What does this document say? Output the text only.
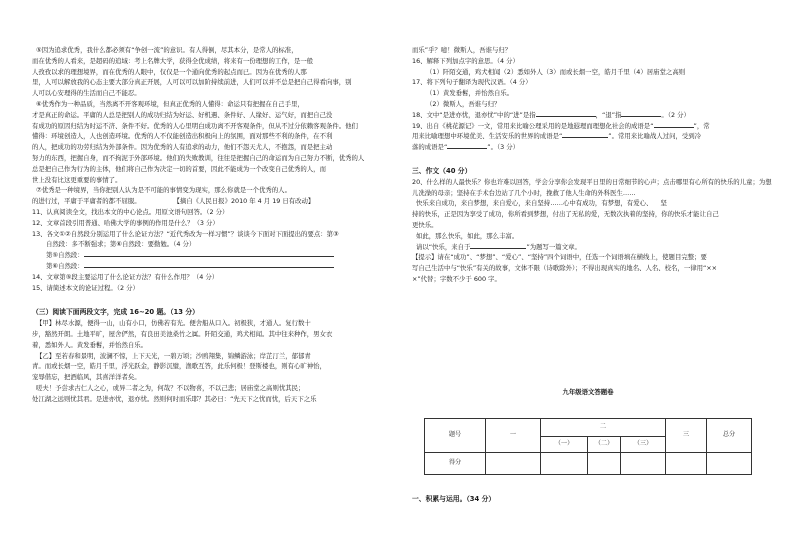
⑤因为追求优秀，我什么都必须有“争创一流”的意识。有人得倒，尽其本分，是常人的标准，

而在优秀的人看来，是超码的追域：考上名牌大学，获得全优成绩，将来有一份理想的工作，是一般

人孜孜以求的理想境界，而在优秀的人眼中，仅仅是一个通向优秀的起点而已。因为在优秀的人那

里，人可以解放我的心态主要大部分真正开展，人可以可以加阶持续前进，人们可以并不总是把自己得看向事，别

人可以心安理得的生活而自己不能忍。

⑥优秀作为一种品质，当然离不开客观环境，但真正优秀的人懂得：命运只有把握在自己手里，

才是真正的命运。平庸的人总是把别人的成功归结为好运、好机遇、条件好、人缘好、运气好，而把自己没

有成功的原因归结为时运不济、条件不好。优秀的人心里明白成功离不开客观条件，但从不过分依赖客观条件。他们

懂得：环境创造人，人也创造环境。优秀的人不仅能创造出积极向上的氛围，面对那些不利的条件，在不利

的人，把成功的功劳归结为外部条件。因为优秀的人有追求的动力，他们不怨天尤人，不抱怨，而是把主动

努力的东西，把握自身，而不拘泥于外部环境。他们的失败教训，往往是把握自己的命运而为自己努力不断，优秀的人

总是把自己作为行为的主体，他们将自己作为决定一切的首要，因此不能成为一个改变自己优秀的人，而

世上没有比这更重要的事情了。

⑦优秀是一种境界，当你把别人认为是不可能的事情变为现实，那么你就是一个优秀的人。

的进行过，平庸于平庸者的都不屈服。	【摘自《人民日报》2010 年 4 月 19 日有改动】

11、认真阅读全文，找出本文的中心论点。用原文语句回答。（2 分）

12、文章首段引用普通、哈佛大学的事例的作用是什么？（3 分）

13、各文①②自然段分别运用了什么论证方法？“近代秀改为一样习惯”？谈谈今下面对下面提出的要点：第③

自然段：多不断强求；第⑥自然段：要勤勉。（4 分）

第⑤自然段：

第⑥自然段：

14、文章第⑤段主要运用了什么论证方法？有什么作用？（4 分）

15、请简述本文的论证过程。（2 分）

（三）阅读下面两段文字，完成 16~20 题。（13 分）

【甲】林尽水源，便得一山，山有小口，仿佛若有光。便舍船从口入。初极狭，才通人。复行数十

步，豁然开朗。土地平旷，屋舍俨然，有良田美池桑竹之属。阡陌交通，鸡犬相闻。其中往来种作，男女衣

着，悉如外人。黄发垂髫，并怡然自乐。

【乙】至若春和景明，波澜不惊，上下天光，一碧万顷；沙鸥翔集，锦鳞游泳；岸芷汀兰，郁郁青

青。而或长烟一空，皓月千里，浮光跃金，静影沉璧，渔歌互答，此乐何极！登斯楼也，则有心旷神怡，

宠辱偕忘，把酒临风，其喜洋洋者矣。

嗟夫！予尝求古仁人之心，或异二者之为，何哉？不以物喜，不以己悲；居庙堂之高则忧其民；

处江湖之远则忧其君。是进亦忧，退亦忧。然则何时而乐耶？其必曰：“先天下之忧而忧，后天下之乐

而乐”乎？噫！微斯人，吾谁与归？

16、解释下列加点字的意思。（4 分）

（1）阡陌交通，鸡犬相闻（2）悉如外人（3）而或长烟一空，皓月千里（4）居庙堂之高则

17、将下列句子翻译为现代汉语。（4 分）

（1）黄发垂髫，并怡然自乐。

（2）微斯人，吾谁与归？

18、文中“是进亦忧，退亦忧”中的“进”是指	，“退”指	。（2 分）

19、出自《桃花源记》一文，常用来比喻公理采用的是地遐理而理想化社会的成语是“	”，常

用来比喻理想中环境优美、生活安乐的世界的成语是“	”。常用来比喻战人过问，受到冷

落的成语是“	”。（3 分）

三、作文（40 分）

20、什么样的人最快乐？你也许难以回答，学会分享你会发现平日里的日常细节的心声；点击哪里有心所有的快乐的儿童；为想

儿冼澡的母亲；坚持在手术台边站了几个小时，挽救了他人生命的外科医生……

快乐来自成功，来自梦想，来自爱心，来自坚持……心中有成功，有梦想，有爱心、 坚

持的快乐，正是因为享受了成功，你所看到梦想，付出了无私的爱，无数次执着的坚持，你的快乐才能让自己

更快乐。

如此，那么快乐，如此，那么丰富。

请以“快乐，来自于	”为题写一篇文章。

【提示】请在“成功”、“梦想”、“爱心”、“坚持”四个词语中，任选一个词语填在横线上，使题目完整；要

写自己生活中与“快乐”有关的故事，文体不限（诗歌除外）；不得出现真实的地名、人名、校名，一律用“××

×”代替；字数不少于 600 字。

九年级语文答题卷
题号	一	二			三	总分
		（一）	（二）	（三）		
得分						
一、积累与运用。（34 分）
